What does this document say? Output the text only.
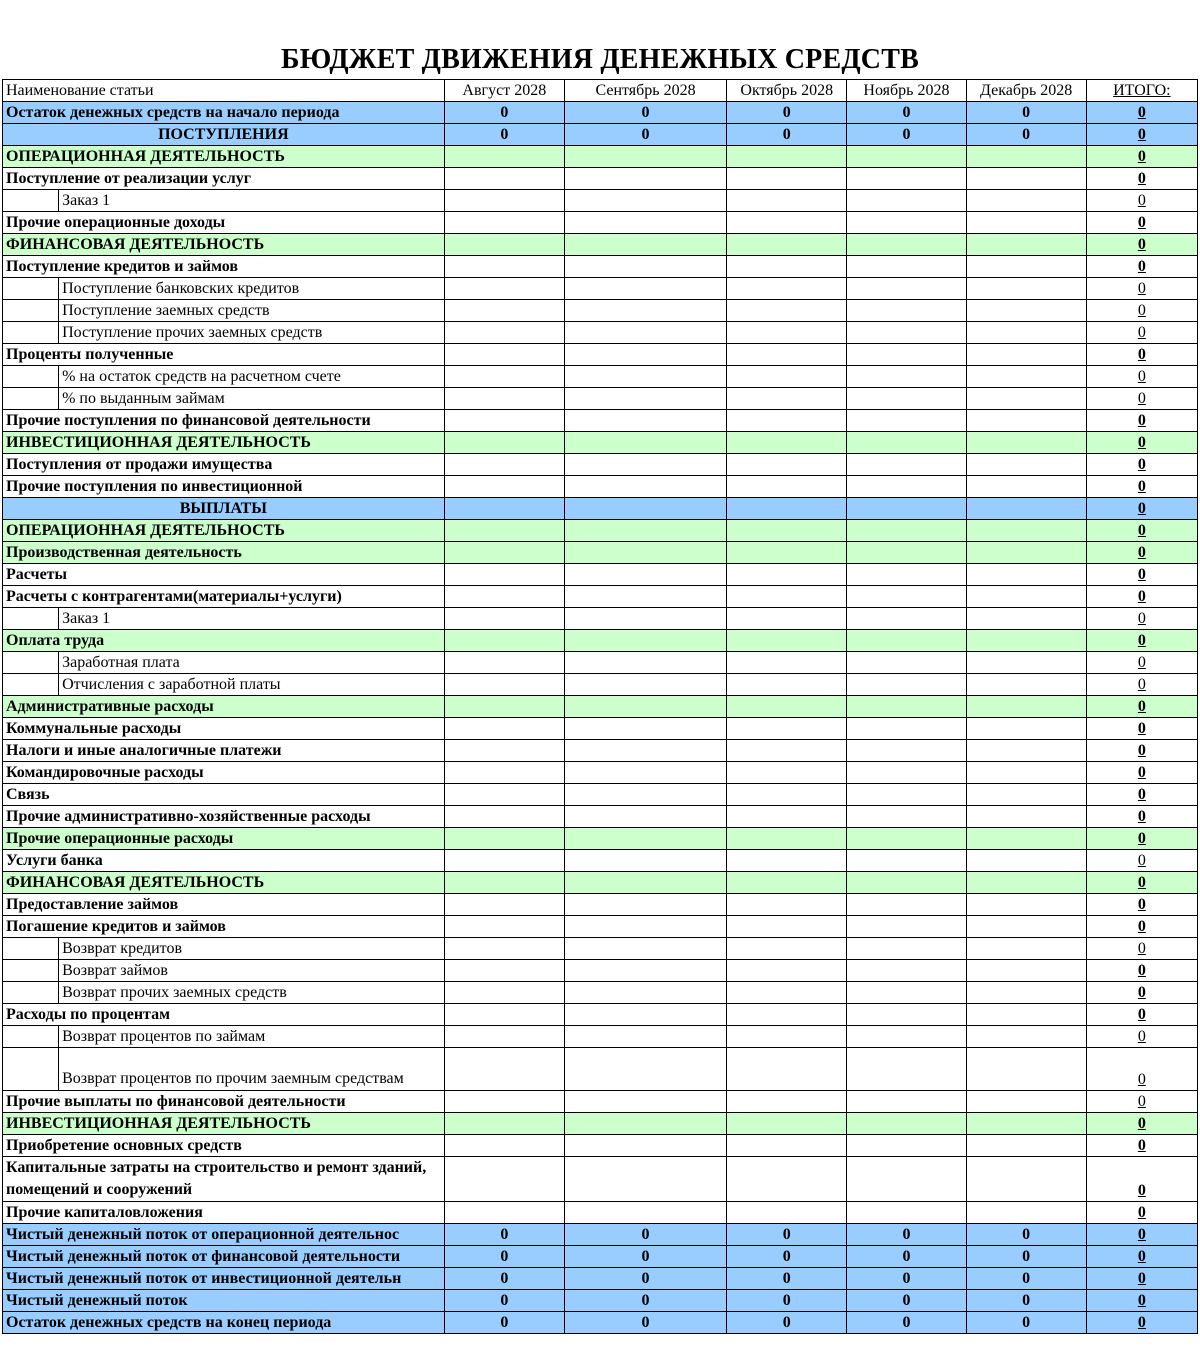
БЮДЖЕТ ДВИЖЕНИЯ ДЕНЕЖНЫХ СРЕДСТВ
Наименование статьи		Август 2028	Сентябрь 2028	Октябрь 2028	Ноябрь 2028	Декабрь 2028	ИТОГО:
Остаток денежных средств на начало периода		0	0	0	0	0	0
ПОСТУПЛЕНИЯ		0	0	0	0	0	0
ОПЕРАЦИОННАЯ ДЕЯТЕЛЬНОСТЬ							0
Поступление от реализации услуг							0
	Заказ 1						0
Прочие операционные доходы							0
ФИНАНСОВАЯ ДЕЯТЕЛЬНОСТЬ							0
Поступление кредитов и займов							0
	Поступление банковских кредитов						0
	Поступление заемных средств						0
	Поступление прочих заемных средств						0
Проценты полученные							0
	% на остаток средств на расчетном счете						0
	% по выданным займам						0
Прочие поступления по финансовой деятельности							0
ИНВЕСТИЦИОННАЯ ДЕЯТЕЛЬНОСТЬ							0
Поступления от продажи имущества							0
Прочие поступления по инвестиционной							0
ВЫПЛАТЫ							0
ОПЕРАЦИОННАЯ ДЕЯТЕЛЬНОСТЬ							0
Производственная деятельность							0
Расчеты							0
Расчеты с контрагентами(материалы+услуги)							0
	Заказ 1						0
Оплата труда							0
	Заработная плата						0
	Отчисления с заработной платы						0
Административные расходы							0
Коммунальные расходы							0
Налоги и иные аналогичные платежи							0
Командировочные расходы							0
Связь							0
Прочие административно-хозяйственные расходы							0
Прочие операционные расходы							0
Услуги банка							0
ФИНАНСОВАЯ ДЕЯТЕЛЬНОСТЬ							0
Предоставление займов							0
Погашение кредитов и займов							0
	Возврат кредитов						0
	Возврат займов						0
	Возврат прочих заемных средств						0
Расходы по процентам							0
	Возврат процентов по займам						0
	Возврат процентов по прочим заемным средствам						0
Прочие выплаты по финансовой деятельности							0
ИНВЕСТИЦИОННАЯ ДЕЯТЕЛЬНОСТЬ							0
Приобретение основных средств							0
Капитальные затраты на строительство и ремонт зданий, помещений и сооружений							0
Прочие капиталовложения							0
Чистый денежный поток от операционной деятельнос		0	0	0	0	0	0
Чистый денежный поток от финансовой деятельности		0	0	0	0	0	0
Чистый денежный поток от инвестиционной деятельн		0	0	0	0	0	0
Чистый денежный поток		0	0	0	0	0	0
Остаток денежных средств на конец периода		0	0	0	0	0	0
